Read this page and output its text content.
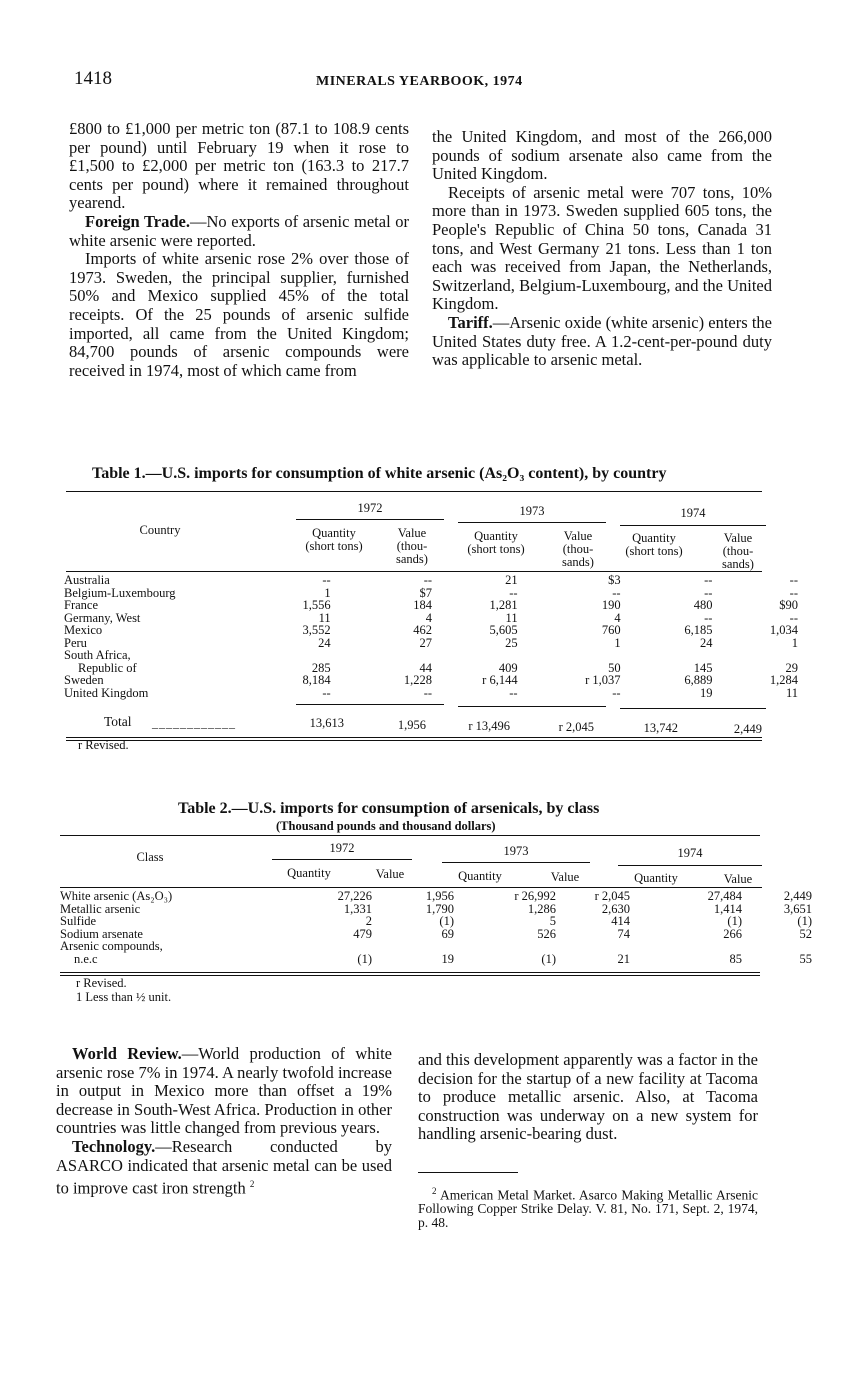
1418	MINERALS YEARBOOK, 1974

£800 to £1,000 per metric ton (87.1 to 108.9 cents per pound) until February 19 when it rose to £1,500 to £2,000 per metric ton (163.3 to 217.7 cents per pound) where it remained throughout yearend.

Foreign Trade.—No exports of arsenic metal or white arsenic were reported.

Imports of white arsenic rose 2% over those of 1973. Sweden, the principal supplier, furnished 50% and Mexico supplied 45% of the total receipts. Of the 25 pounds of arsenic sulfide imported, all came from the United Kingdom; 84,700 pounds of arsenic compounds were received in 1974, most of which came from

the United Kingdom, and most of the 266,000 pounds of sodium arsenate also came from the United Kingdom.

Receipts of arsenic metal were 707 tons, 10% more than in 1973. Sweden supplied 605 tons, the People's Republic of China 50 tons, Canada 31 tons, and West Germany 21 tons. Less than 1 ton each was received from Japan, the Netherlands, Switzerland, Belgium-Luxembourg, and the United Kingdom.

Tariff.—Arsenic oxide (white arsenic) enters the United States duty free. A 1.2-cent-per-pound duty was applicable to arsenic metal.

Table 1.—U.S. imports for consumption of white arsenic (As₂O₃ content), by country
Country
1972	1973	1974
Quantity (short tons)
Value (thou- sands)
Quantity (short tons)
Value (thou- sands)
Quantity (short tons)
Value (thou- sands)
Australia	--	--	21	$3	--	--
Belgium-Luxembourg	1	$7	--	--	--	--
France	1,556	184	1,281	190	480	$90
Germany, West	11	4	11	4	--	--
Mexico	3,552	462	5,605	760	6,185	1,034
Peru	24	27	25	1	24	1
South Africa,						
Republic of	285	44	409	50	145	29
Sweden	8,184	1,228	r 6,144	r 1,037	6,889	1,284
United Kingdom	--	--	--	--	19	11
Total ____________	13,613	1,956	r 13,496	r 2,045	13,742	2,449
r Revised.
Table 2.—U.S. imports for consumption of arsenicals, by class
(Thousand pounds and thousand dollars)
Class
1972	1973	1974
Quantity	Value	Quantity	Value	Quantity	Value
White arsenic (As₂O₃)	27,226	1,956	r 26,992	r 2,045	27,484	2,449
Metallic arsenic	1,331	1,790	1,286	2,630	1,414	3,651
Sulfide	2	(1)	5	414	(1)	(1)
Sodium arsenate	479	69	526	74	266	52
Arsenic compounds,						
n.e.c	(1)	19	(1)	21	85	55
r Revised.
1 Less than ½ unit.

World Review.—World production of white arsenic rose 7% in 1974. A nearly twofold increase in output in Mexico more than offset a 19% decrease in South-West Africa. Production in other countries was little changed from previous years.

Technology.—Research conducted by ASARCO indicated that arsenic metal can be used to improve cast iron strength $^2$

and this development apparently was a factor in the decision for the startup of a new facility at Tacoma to produce metallic arsenic. Also, at Tacoma construction was underway on a new system for handling arsenic-bearing dust.

$^2$ American Metal Market. Asarco Making Metallic Arsenic Following Copper Strike Delay. V. 81, No. 171, Sept. 2, 1974, p. 48.
